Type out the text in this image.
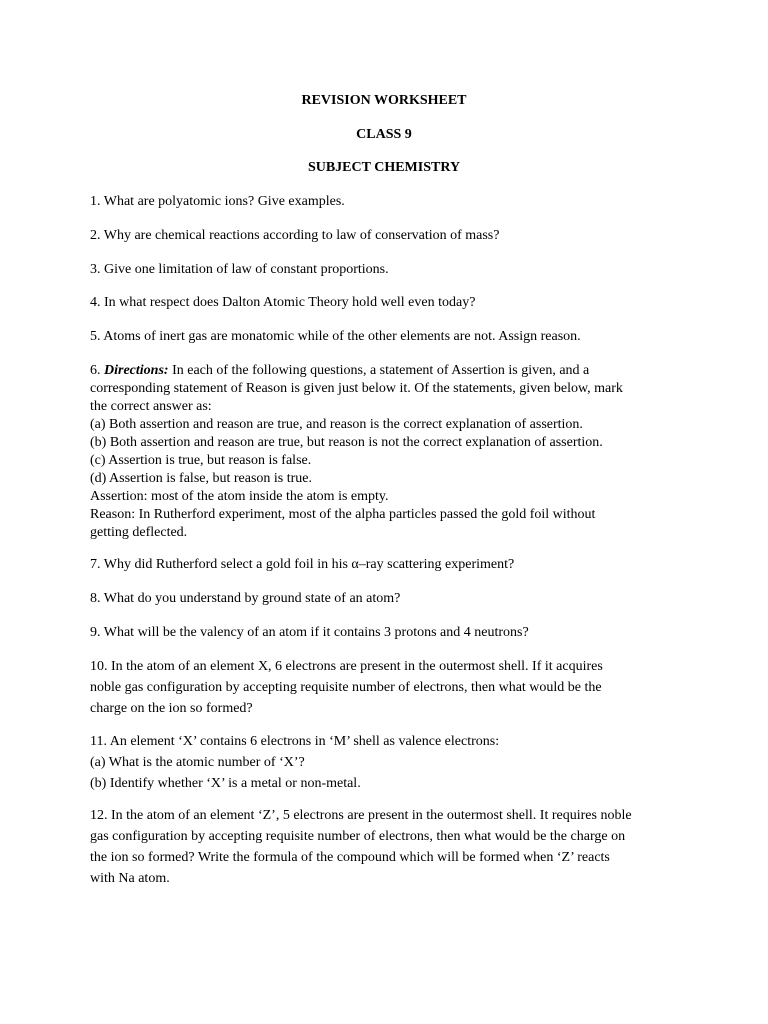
REVISION WORKSHEET
CLASS 9
SUBJECT CHEMISTRY
1. What are polyatomic ions? Give examples.
2. Why are chemical reactions according to law of conservation of mass?
3. Give one limitation of law of constant proportions.
4. In what respect does Dalton Atomic Theory hold well even today?
5. Atoms of inert gas are monatomic while of the other elements are not. Assign reason.
6. Directions: In each of the following questions, a statement of Assertion is given, and a
corresponding statement of Reason is given just below it. Of the statements, given below, mark
the correct answer as:
(a) Both assertion and reason are true, and reason is the correct explanation of assertion.
(b) Both assertion and reason are true, but reason is not the correct explanation of assertion.
(c) Assertion is true, but reason is false.
(d) Assertion is false, but reason is true.
Assertion: most of the atom inside the atom is empty.
Reason: In Rutherford experiment, most of the alpha particles passed the gold foil without
getting deflected.
7. Why did Rutherford select a gold foil in his α–ray scattering experiment?
8. What do you understand by ground state of an atom?
9. What will be the valency of an atom if it contains 3 protons and 4 neutrons?
10. In the atom of an element X, 6 electrons are present in the outermost shell. If it acquires
noble gas configuration by accepting requisite number of electrons, then what would be the
charge on the ion so formed?
11. An element ‘X’ contains 6 electrons in ‘M’ shell as valence electrons:
(a) What is the atomic number of ‘X’?
(b) Identify whether ‘X’ is a metal or non-metal.
12. In the atom of an element ‘Z’, 5 electrons are present in the outermost shell. It requires noble
gas configuration by accepting requisite number of electrons, then what would be the charge on
the ion so formed? Write the formula of the compound which will be formed when ‘Z’ reacts
with Na atom.
